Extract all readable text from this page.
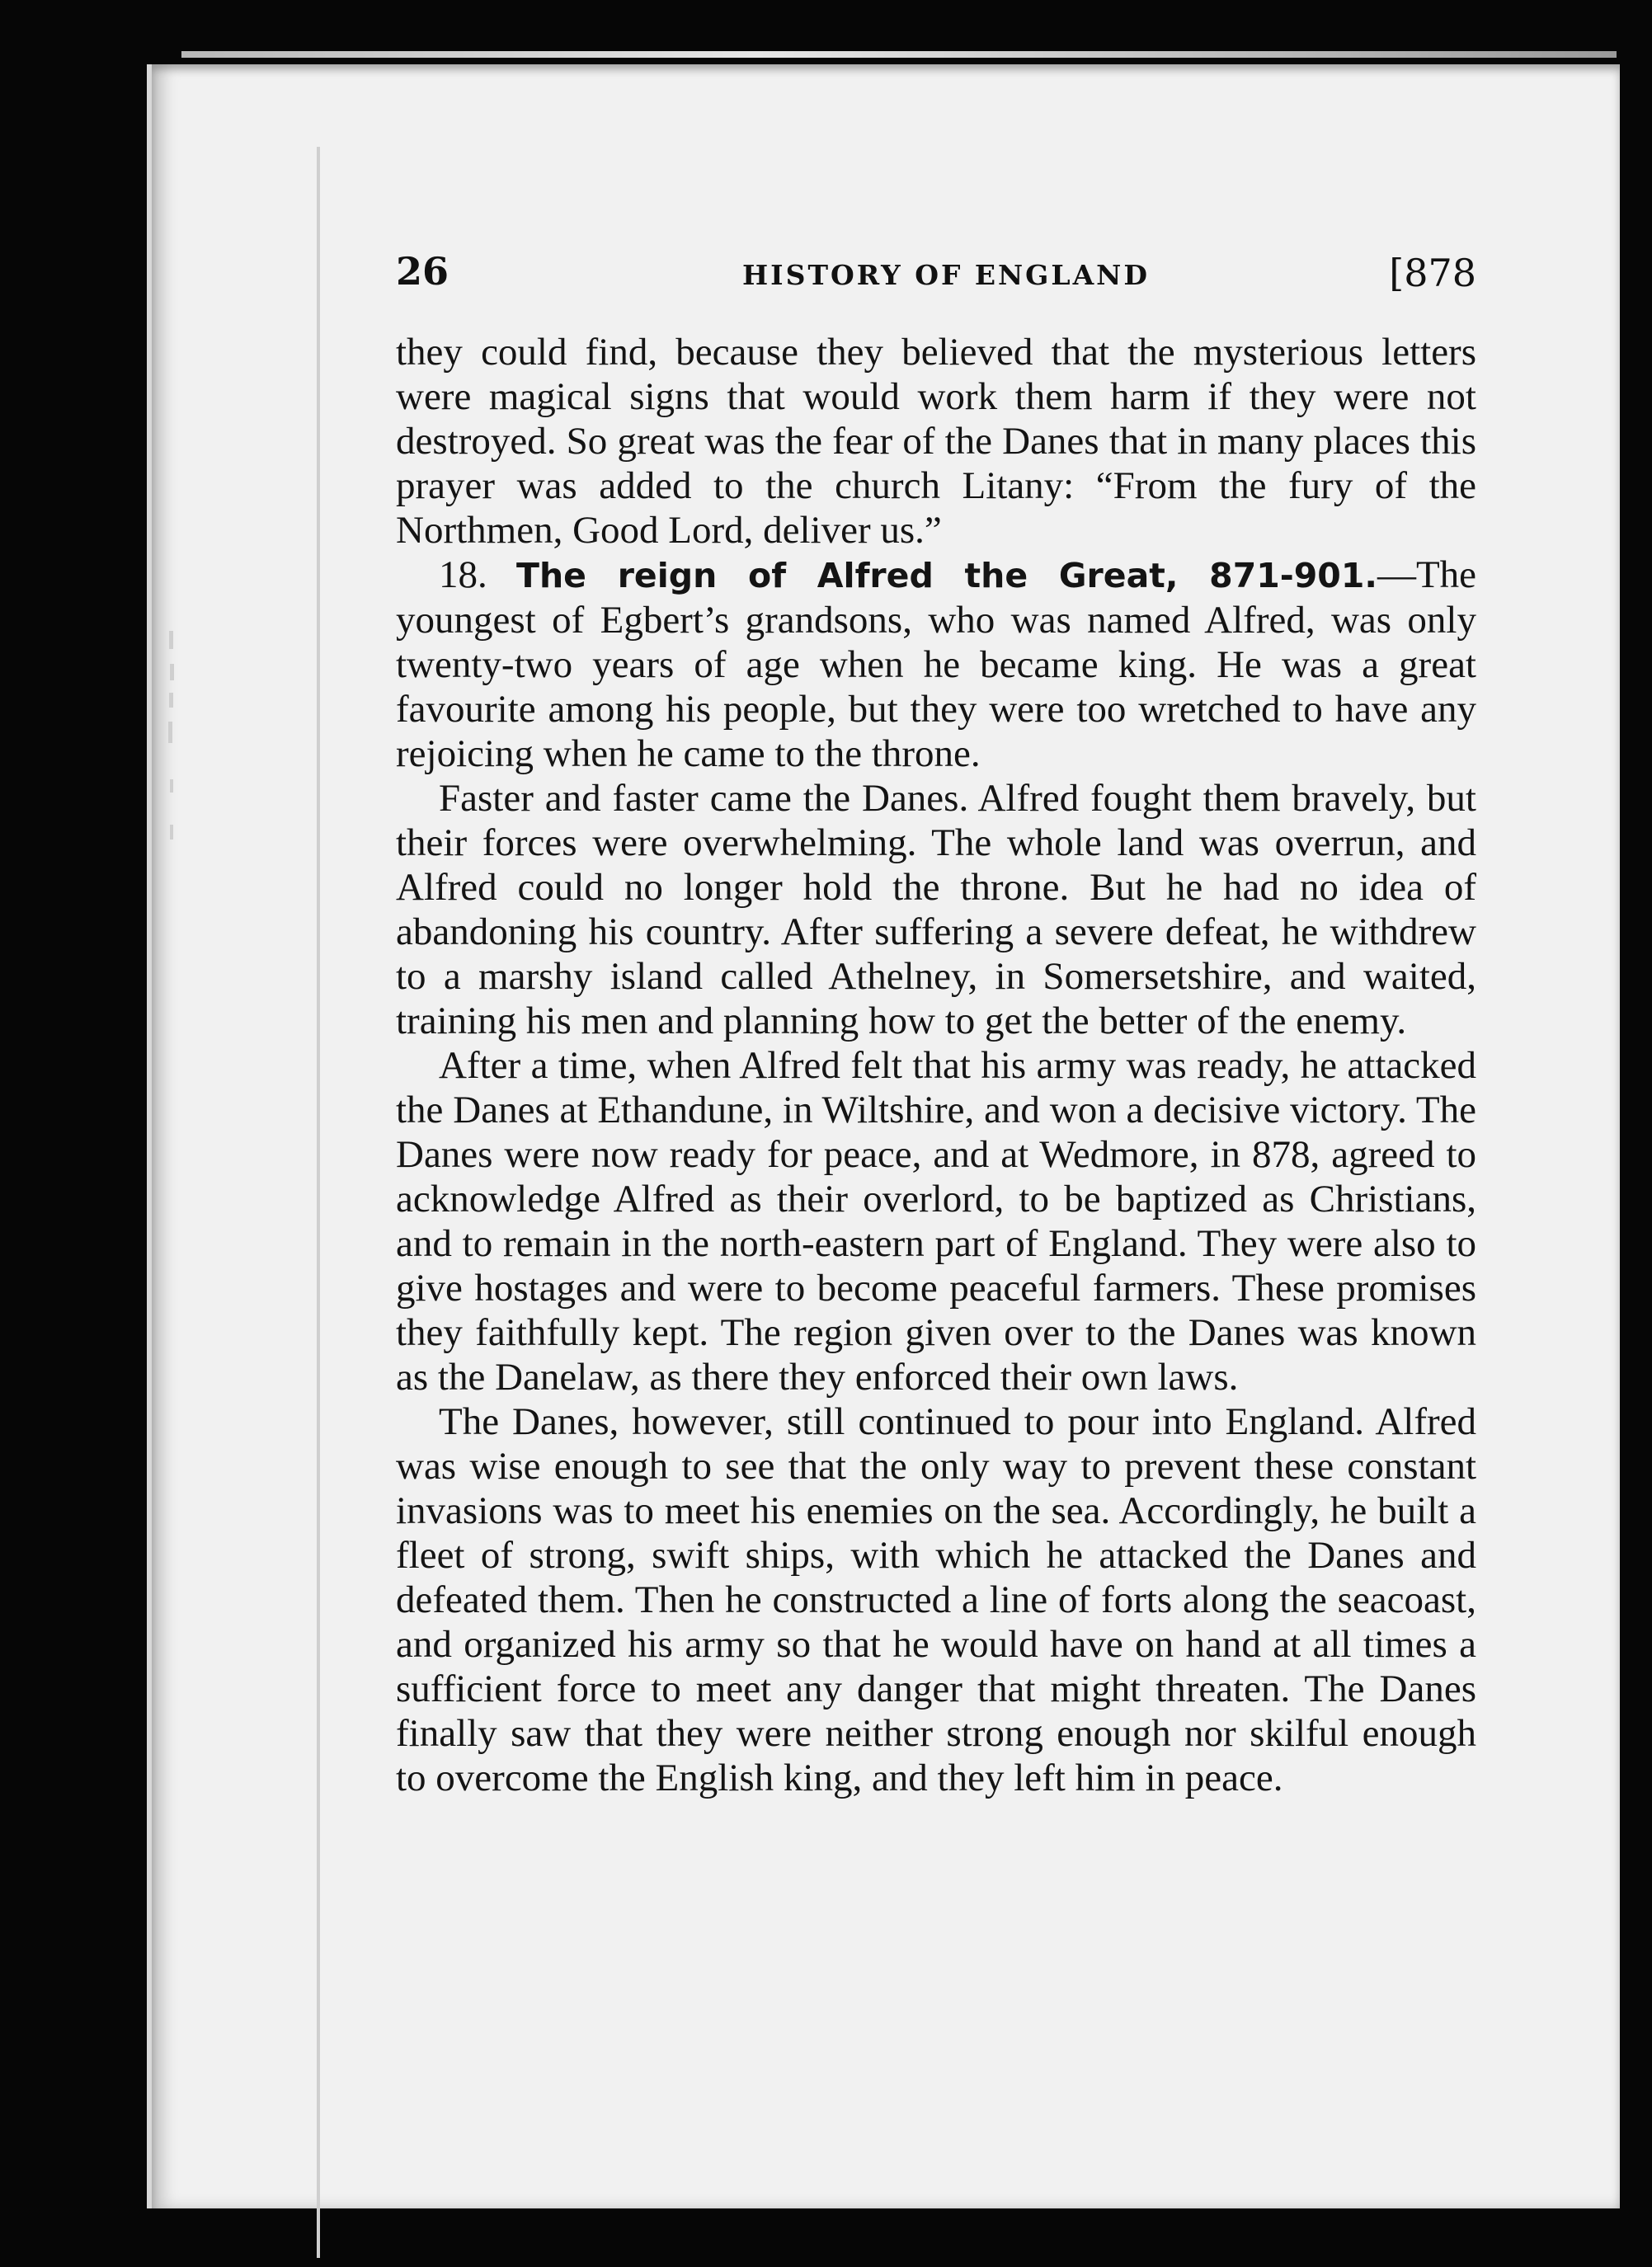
26	HISTORY OF ENGLAND	[878

they could find, because they believed that the mysterious letters were magical signs that would work them harm if they were not destroyed. So great was the fear of the Danes that in many places this prayer was added to the church Litany: “From the fury of the Northmen, Good Lord, deliver us.”

18. The reign of Alfred the Great, 871-901.—The youngest of Egbert’s grandsons, who was named Alfred, was only twenty-two years of age when he became king. He was a great favourite among his people, but they were too wretched to have any rejoicing when he came to the throne.

Faster and faster came the Danes. Alfred fought them bravely, but their forces were overwhelming. The whole land was overrun, and Alfred could no longer hold the throne. But he had no idea of abandoning his country. After suffering a severe defeat, he withdrew to a marshy island called Athelney, in Somersetshire, and waited, training his men and planning how to get the better of the enemy.

After a time, when Alfred felt that his army was ready, he attacked the Danes at Ethandune, in Wiltshire, and won a decisive victory. The Danes were now ready for peace, and at Wedmore, in 878, agreed to acknowledge Alfred as their overlord, to be baptized as Christians, and to remain in the north-eastern part of England. They were also to give hostages and were to become peaceful farmers. These promises they faithfully kept. The region given over to the Danes was known as the Danelaw, as there they enforced their own laws.

The Danes, however, still continued to pour into England. Alfred was wise enough to see that the only way to prevent these constant invasions was to meet his enemies on the sea. Accordingly, he built a fleet of strong, swift ships, with which he attacked the Danes and defeated them. Then he constructed a line of forts along the seacoast, and organized his army so that he would have on hand at all times a sufficient force to meet any danger that might threaten. The Danes finally saw that they were neither strong enough nor skilful enough to overcome the English king, and they left him in peace.
